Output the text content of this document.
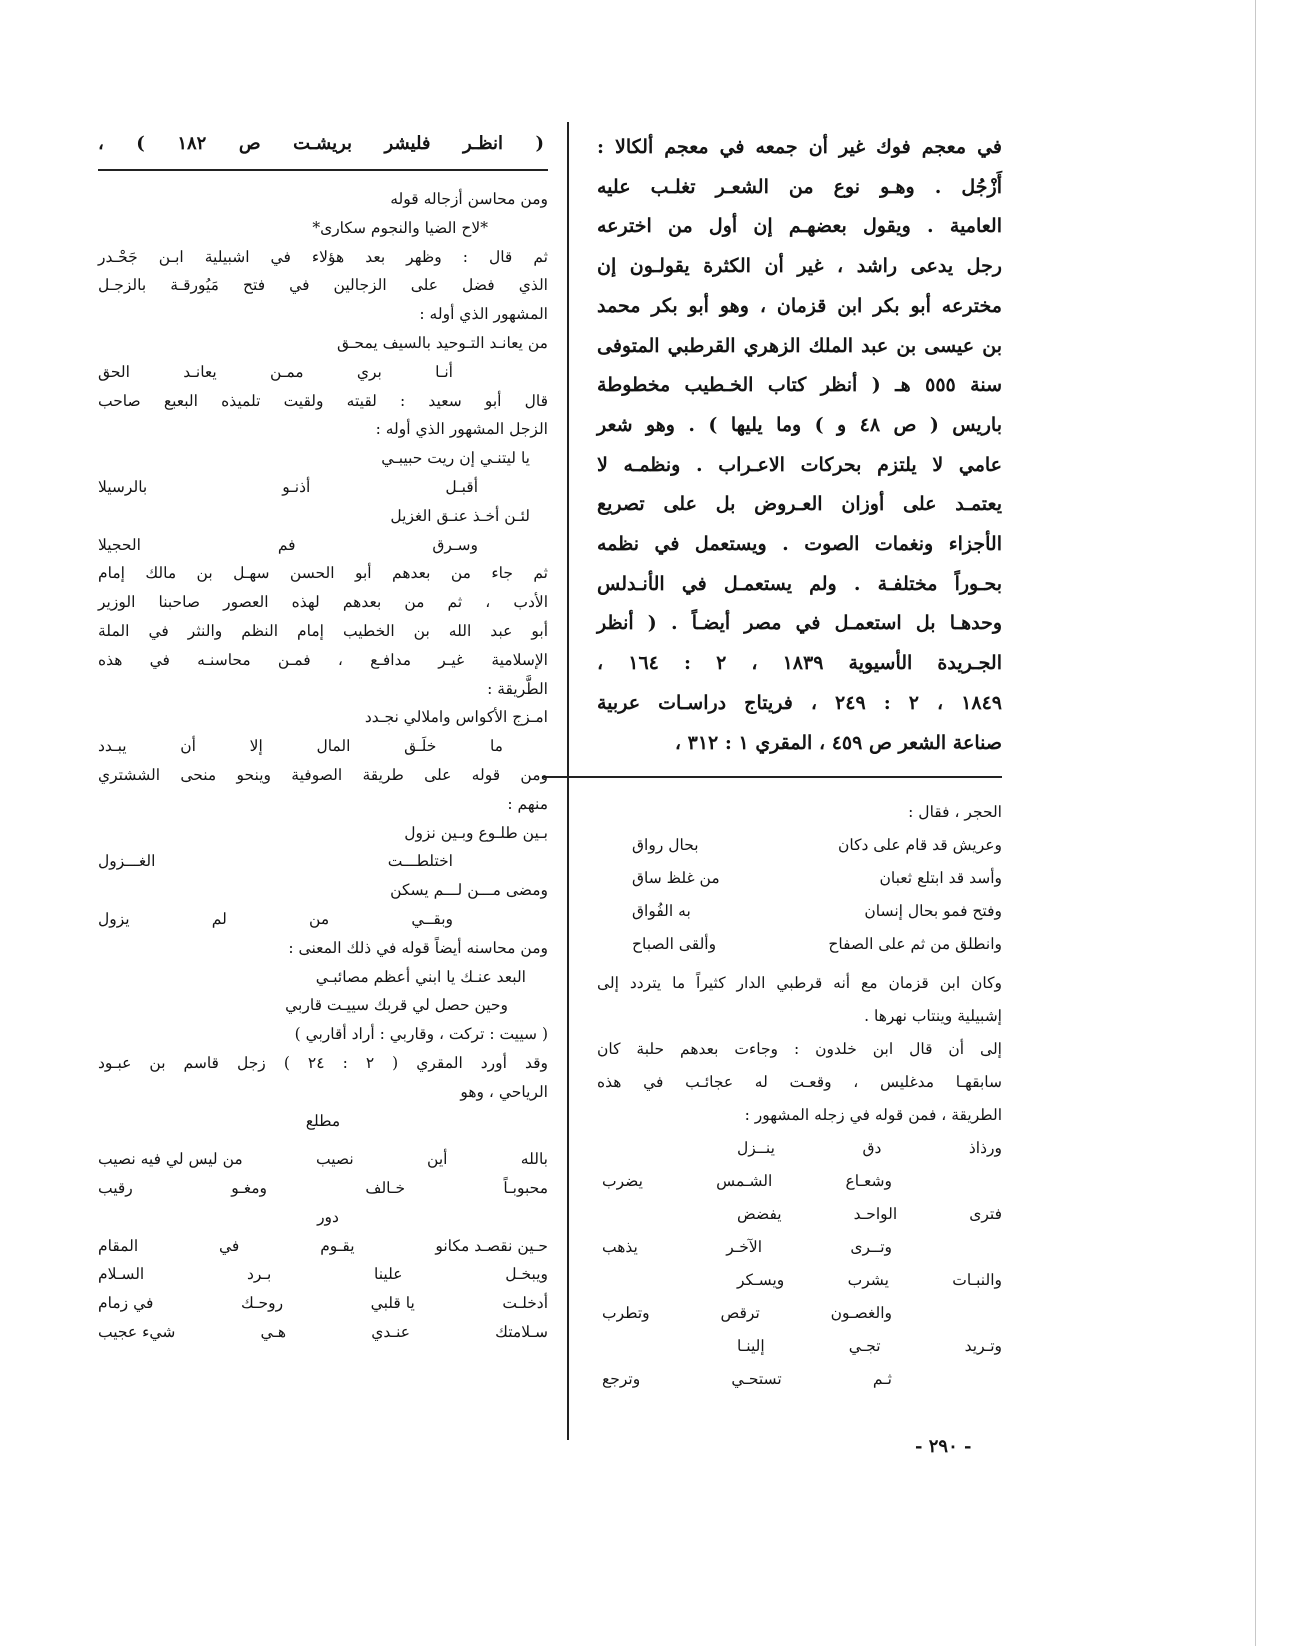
في معجم فوك غير أن جمعه في معجم ألكالا :

أَزْجُل . وهـو نوع من الشعـر تغلـب عليه

العامية . ويقول بعضهـم إن أول من اخترعه

رجل يدعى راشد ، غير أن الكثرة يقولـون إن

مخترعه أبو بكر ابن قزمان ، وهو أبو بكر محمد

بن عيسى بن عبد الملك الزهري القرطبي المتوفى

سنة ٥٥٥ هـ ( أنظر كتاب الخـطيب مخطوطة

باريس ( ص ٤٨ و ) وما يليها ) . وهو شعر

عامي لا يلتزم بحركات الاعـراب . ونظمـه لا

يعتمـد على أوزان العـروض بل على تصريع

الأجزاء ونغمات الصوت . ويستعمل في نظمه

بحـوراً مختلفـة . ولم يستعمـل في الأنـدلس

وحدهـا بل استعمـل في مصر أيضـاً . ( أنظر

الجـريدة الأسيوية ١٨٣٩ ، ٢ : ١٦٤ ،

١٨٤٩ ، ٢ : ٢٤٩ ، فريتاج دراسـات عربية

صناعة الشعر ص ٤٥٩ ، المقري ١ : ٣١٢ ،

الحجر ، فقال :
وعريش قد قام على دكان
بحال رواق
وأسد قد ابتلع ثعبان
من غلظ ساق
وفتح فمو بحال إنسان
به الفُواق
وانطلق من ثم على الصفاح
وألقى الصباح
وكان ابن قزمان مع أنه قرطبي الدار كثيراً ما يتردد إلى
إشبيلية وينتاب نهرها .
إلى أن قال ابن خلدون : وجاءت بعدهم حلبة كان
سابقهـا مدغليس ، وقعـت له عجائـب في هذه
الطريقة ، فمن قوله في زجله المشهور :
ورذاذ
دق
ينــزل
وشعـاع
الشـمس
يضرب
فترى
الواحـد
يفضض
وتــرى
الآخـر
يذهب
والنبـات
يشرب
ويسـكر
والغصـون
ترقص
وتطرب
وتـريد
تجـي
إلينـا
ثـم
تستحـي
وترجع
( انظـر فليشر بريشـت ص ١٨٢ ) ،
ومن محاسن أزجاله قوله
*لاح الضيا والنجوم سكارى*
ثم قال : وظهر بعد هؤلاء في اشبيلية ابـن جَحْـدر
الذي فضل على الزجالين في فتح مَيُورقـة بالزجـل
المشهور الذي أوله :
من يعانـد التـوحيد بالسيف يمحـق
أنـا بري ممـن يعانـد الحق
قال أبو سعيد : لقيته ولقيت تلميذه البعبع صاحب
الزجل المشهور الذي أوله :
يا ليتنـي إن ريت حبيبـي
أقبـل أذنـو بالرسيلا
لئـن أخـذ عنـق الغزيل
وسـرق فم الحجيلا
ثم جاء من بعدهم أبو الحسن سهـل بن مالك إمام
الأدب ، ثم من بعدهم لهذه العصور صاحبنا الوزير
أبو عبد الله بن الخطيب إمام النظم والنثر في الملة
الإسلامية غيـر مدافـع ، فمـن محاسنـه في هذه
الطَّريقة :
امـزج الأكواس واملالي نجـدد
ما خلَـق المال إلا أن يبـدد
ومن قوله على طريقة الصوفية وينحو منحى الششتري
منهم :
بـين طلـوع وبـين نزول
اختلطـــت الغـــزول
ومضى مـــن لـــم يسكن
وبقــي من لم يزول
ومن محاسنه أيضاً قوله في ذلك المعنى :
البعد عنـك يا ابني أعظم مصائبـي
وحين حصل لي قربك سييـت قاربي
( سييت : تركت ، وقاربي : أراد أقاربي )
وقد أورد المقري ( ٢ : ٢٤ ) زجل قاسم بن عبـود
الرياحي ، وهو
مطلع
بالله
أين
نصيب
من ليس لي فيه نصيب
محبوبـاً
خـالف
ومغـو
رقيب
دور
حـين نقصـد مكانو
يقـوم
في
المقام
ويبخـل
علينا
بـرد
السـلام
أدخلـت
يا قلبي
روحـك
في زمام
سـلامتك
عنـدي
هـي
شيء عجيب
- ٢٩٠ -
